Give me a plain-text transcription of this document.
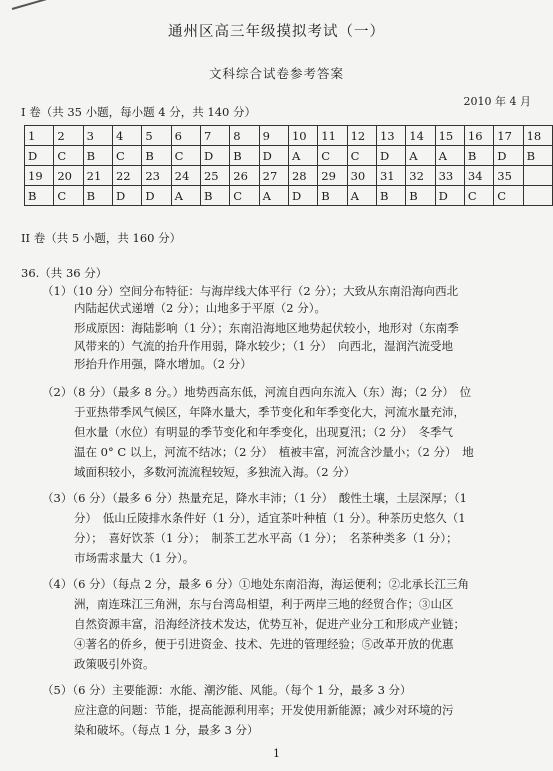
通州区高三年级摸拟考试（一）
文科综合试卷参考答案
2010 年 4 月
I 卷（共 35 小题，每小题 4 分，共 140 分）
1	2	3	4	5	6	7	8	9	10	11	12	13	14	15	16	17	18
D	C	B	C	B	C	D	B	D	A	C	C	D	A	A	B	D	B
19	20	21	22	23	24	25	26	27	28	29	30	31	32	33	34	35	
B	C	B	D	D	A	B	C	A	D	B	A	B	B	D	C	C	
II 卷（共 5 小题，共 160 分）
36.（共 36 分）
（1）（10 分）空间分布特征：与海岸线大体平行（2 分）；大致从东南沿海向西北
内陆起伏式递增（2 分）；山地多于平原（2 分）。
形成原因：海陆影响（1 分）；东南沿海地区地势起伏较小，地形对（东南季
风带来的）气流的抬升作用弱，降水较少；（1 分）　向西北，湿润汽流受地
形抬升作用强，降水增加。（2 分）
（2）（8 分）（最多 8 分。）地势西高东低，河流自西向东流入（东）海；（2 分）　位
于亚热带季风气候区，年降水量大，季节变化和年季变化大，河流水量充沛，
但水量（水位）有明显的季节变化和年季变化，出现夏汛；（2 分）　冬季气
温在 0° C 以上，河流不结冰；（2 分）　植被丰富，河流含沙量小；（2 分）　地
域面积较小，多数河流流程较短，多独流入海。（2 分）
（3）（6 分）（最多 6 分）热量充足，降水丰沛；（1 分）　酸性土壤，土层深厚；（1
分）　低山丘陵排水条件好（1 分），适宜茶叶种植（1 分）。种茶历史悠久（1
分）；　喜好饮茶（1 分）；　制茶工艺水平高（1 分）；　名茶种类多（1 分）；
市场需求量大（1 分）。
（4）（6 分）（每点 2 分，最多 6 分）①地处东南沿海，海运便利；②北承长江三角
洲，南连珠江三角洲，东与台湾岛相望，利于两岸三地的经贸合作；③山区
自然资源丰富，沿海经济技术发达，优势互补，促进产业分工和形成产业链；
④著名的侨乡，便于引进资金、技术、先进的管理经验；⑤改革开放的优惠
政策吸引外资。
（5）（6 分）主要能源：水能、潮汐能、风能。（每个 1 分，最多 3 分）
应注意的问题：节能，提高能源利用率；开发使用新能源；减少对环境的污
染和破坏。（每点 1 分，最多 3 分）
1
